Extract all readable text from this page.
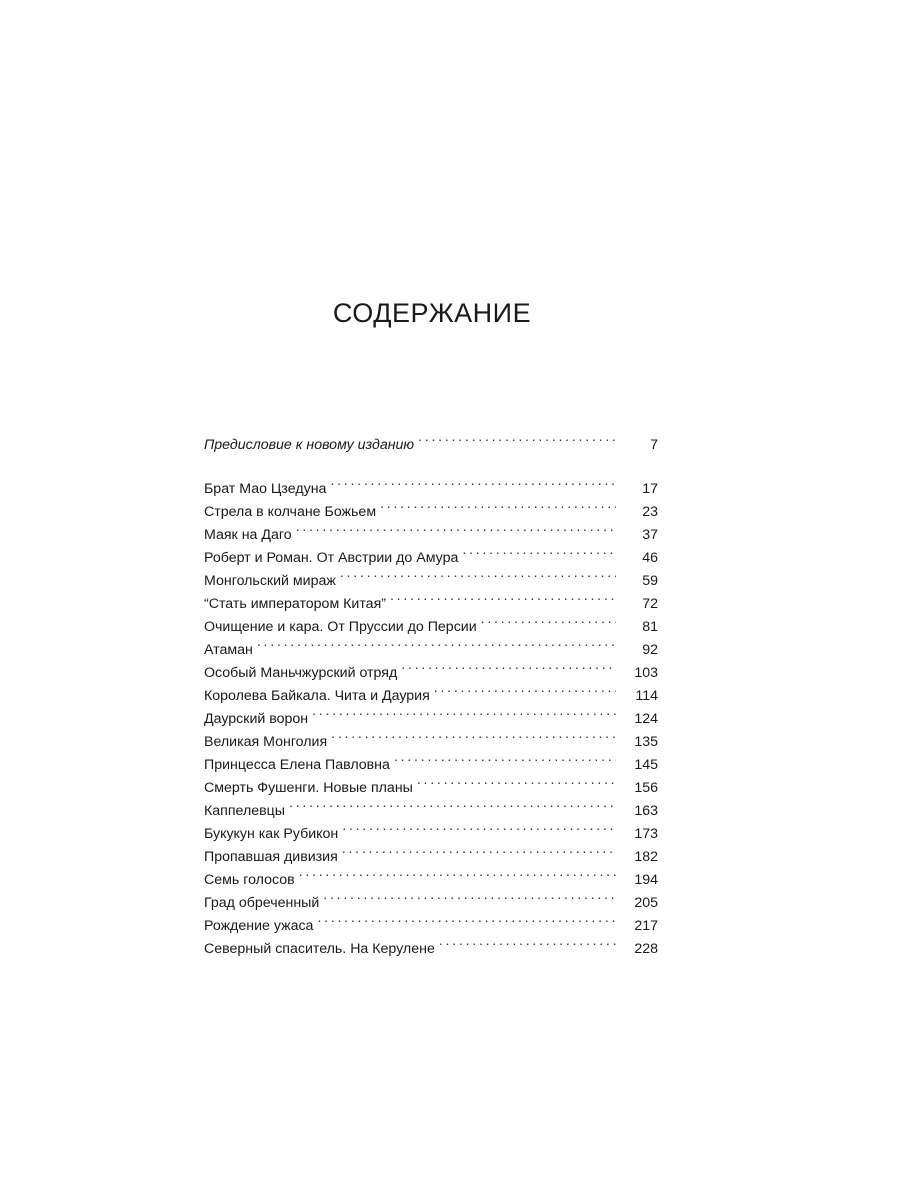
СОДЕРЖАНИЕ
Предисловие к новому изданию . . .	7
Брат Мао Цзедуна . . .	17
Стрела в колчане Божьем . . .	23
Маяк на Даго . . .	37
Роберт и Роман. От Австрии до Амура . . .	46
Монгольский мираж . . .	59
“Стать императором Китая” . . .	72
Очищение и кара. От Пруссии до Персии . . .	81
Атаман . . .	92
Особый Маньчжурский отряд . . .	103
Королева Байкала. Чита и Даурия . . .	114
Даурский ворон . . .	124
Великая Монголия . . .	135
Принцесса Елена Павловна . . .	145
Смерть Фушенги. Новые планы . . .	156
Каппелевцы . . .	163
Букукун как Рубикон . . .	173
Пропавшая дивизия . . .	182
Семь голосов . . .	194
Град обреченный . . .	205
Рождение ужаса . . .	217
Северный спаситель. На Керулене . . .	228
